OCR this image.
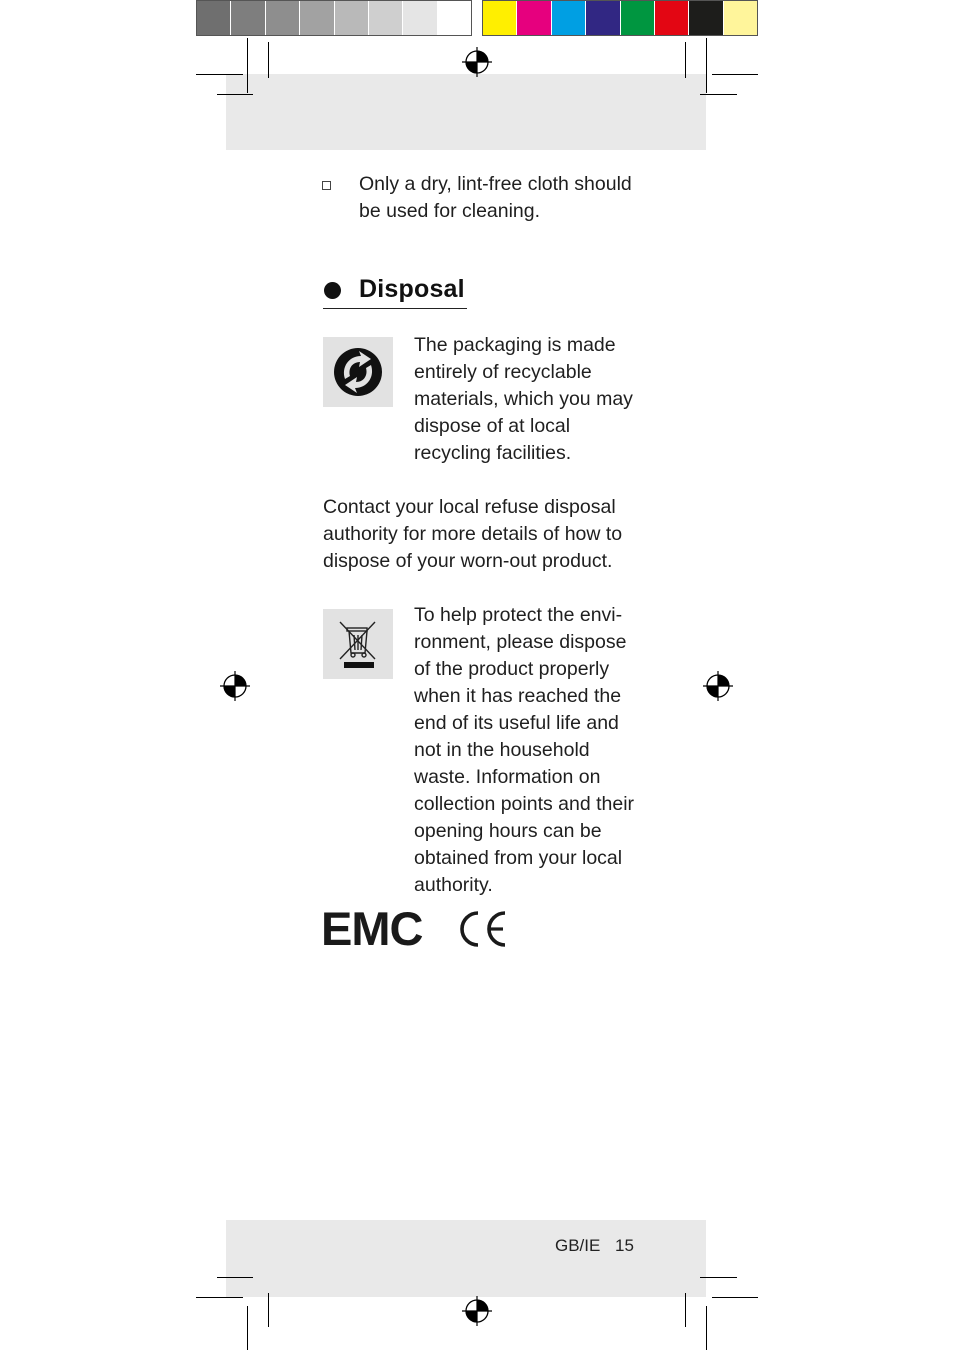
Only a dry, lint-free cloth should be used for cleaning.
Disposal
The packaging is made entirely of recyclable materials, which you may dispose of at local recycling facilities.
Contact your local refuse disposal authority for more details of how to dispose of your worn-out product.
To help protect the environment, please dispose of the product properly when it has reached the end of its useful life and not in the household waste. Information on collection points and their opening hours can be obtained from your local authority.
EMC
GB/IE 15
